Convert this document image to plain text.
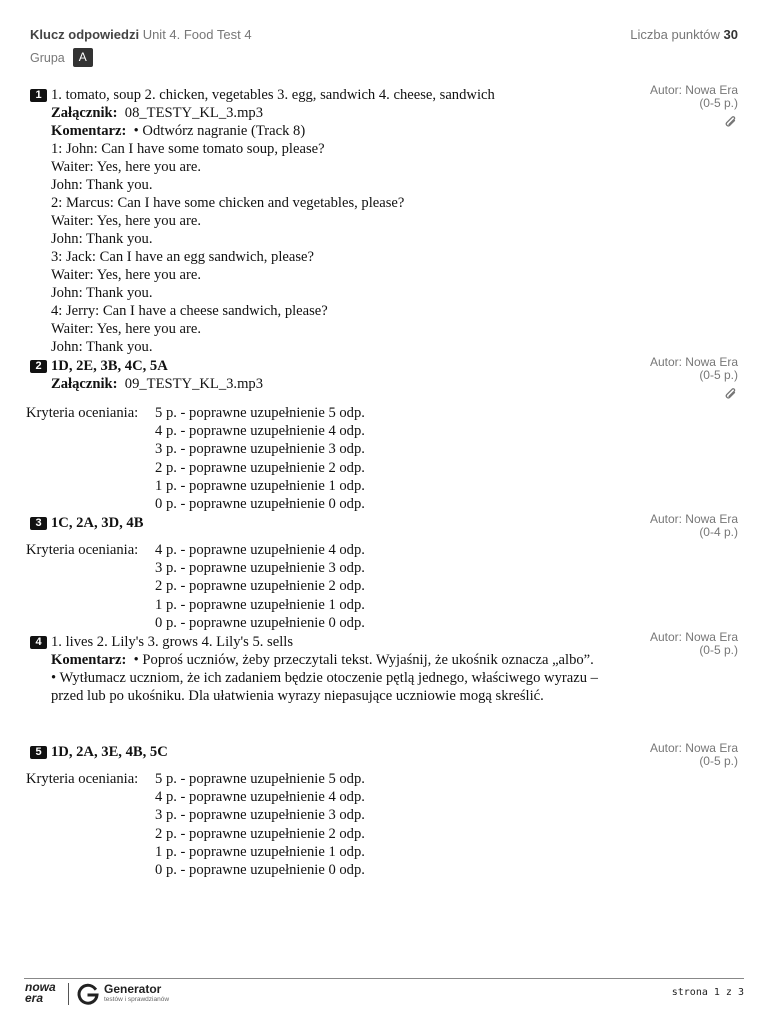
Klucz odpowiedzi Unit 4. Food Test 4	Liczba punktów 30
Grupa	A
1 1. tomato, soup 2. chicken, vegetables 3. egg, sandwich 4. cheese, sandwich
Załącznik: 08_TESTY_KL_3.mp3
Komentarz: • Odtwórz nagranie (Track 8)
1: John: Can I have some tomato soup, please?
Waiter: Yes, here you are.
John: Thank you.
2: Marcus: Can I have some chicken and vegetables, please?
Waiter: Yes, here you are.
John: Thank you.
3: Jack: Can I have an egg sandwich, please?
Waiter: Yes, here you are.
John: Thank you.
4: Jerry: Can I have a cheese sandwich, please?
Waiter: Yes, here you are.
John: Thank you.
Autor: Nowa Era
(0-5 p.)
2 1D, 2E, 3B, 4C, 5A
Załącznik: 09_TESTY_KL_3.mp3
Autor: Nowa Era
(0-5 p.)
Kryteria oceniania: 5 p. - poprawne uzupełnienie 5 odp.
4 p. - poprawne uzupełnienie 4 odp.
3 p. - poprawne uzupełnienie 3 odp.
2 p. - poprawne uzupełnienie 2 odp.
1 p. - poprawne uzupełnienie 1 odp.
0 p. - poprawne uzupełnienie 0 odp.
3 1C, 2A, 3D, 4B	Autor: Nowa Era
(0-4 p.)
Kryteria oceniania: 4 p. - poprawne uzupełnienie 4 odp.
3 p. - poprawne uzupełnienie 3 odp.
2 p. - poprawne uzupełnienie 2 odp.
1 p. - poprawne uzupełnienie 1 odp.
0 p. - poprawne uzupełnienie 0 odp.
4 1. lives 2. Lily's 3. grows 4. Lily's 5. sells
Komentarz: • Poproś uczniów, żeby przeczytali tekst. Wyjaśnij, że ukośnik oznacza „albo”.
• Wytłumacz uczniom, że ich zadaniem będzie otoczenie pętlą jednego, właściwego wyrazu – przed lub po ukośniku. Dla ułatwienia wyrazy niepasujące uczniowie mogą skreślić.
Autor: Nowa Era
(0-5 p.)
5 1D, 2A, 3E, 4B, 5C	Autor: Nowa Era
(0-5 p.)
Kryteria oceniania: 5 p. - poprawne uzupełnienie 5 odp.
4 p. - poprawne uzupełnienie 4 odp.
3 p. - poprawne uzupełnienie 3 odp.
2 p. - poprawne uzupełnienie 2 odp.
1 p. - poprawne uzupełnienie 1 odp.
0 p. - poprawne uzupełnienie 0 odp.
nowa
era
Generator
testów i sprawdzianów
strona 1 z 3
